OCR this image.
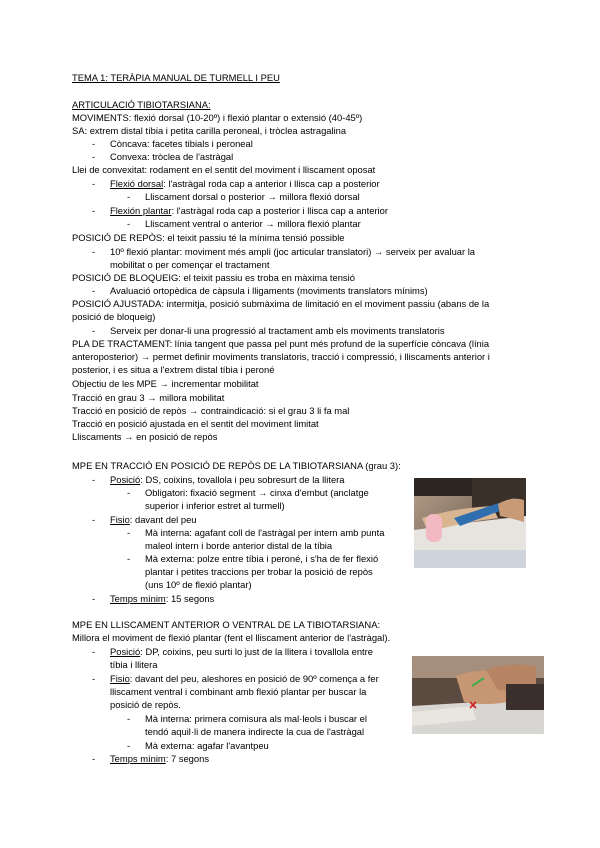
TEMA 1: TERÀPIA MANUAL DE TURMELL I PEU
ARTICULACIÓ TIBIOTARSIANA:
MOVIMENTS: flexió dorsal (10-20º) i flexió plantar o extensió (40-45º)
SA: extrem distal tíbia i petita carilla peroneal, i tròclea astragalina
- Còncava: facetes tibials i peroneal
- Convexa: tròclea de l'astràgal
Llei de convexitat: rodament en el sentit del moviment i lliscament oposat
- Flexió dorsal: l'astràgal roda cap a anterior i llisca cap a posterior
- Lliscament dorsal o posterior → millora flexió dorsal
- Flexión plantar: l'astràgal roda cap a posterior i llisca cap a anterior
- Lliscament ventral o anterior → millora flexió plantar
POSICIÓ DE REPÒS: el teixit passiu té la mínima tensió possible
- 10º flexió plantar: moviment més ampli (joc articular translatori) → serveix per avaluar la
mobilitat o per començar el tractament
POSICIÓ DE BLOQUEIG: el teixit passiu es troba en màxima tensió
- Avaluació ortopèdica de càpsula i lligaments (moviments translators mínims)
POSICIÓ AJUSTADA: intermitja, posició submàxima de limitació en el moviment passiu (abans de la
posició de bloqueig)
- Serveix per donar-li una progressió al tractament amb els moviments translatoris
PLA DE TRACTAMENT: línia tangent que passa pel punt més profund de la superfície còncava (línia
anteroposterior) → permet definir moviments translatoris, tracció i compressió, i lliscaments anterior i
posterior, i es situa a l'extrem distal tíbia i peroné
Objectiu de les MPE → incrementar mobilitat
Tracció en grau 3 → millora mobilitat
Tracció en posició de repòs → contraindicació: si el grau 3 li fa mal
Tracció en posició ajustada en el sentit del moviment limitat
Lliscaments → en posició de repòs
MPE EN TRACCIÓ EN POSICIÓ DE REPÒS DE LA TIBIOTARSIANA (grau 3):
- Posició: DS, coixins, tovallola i peu sobresurt de la llitera
- Obligatori: fixació segment → cinxa d'embut (anclatge
superior i inferior estret al turmell)
- Fisio: davant del peu
- Mà interna: agafant coll de l'astràgal per intern amb punta
maleol intern i borde anterior distal de la tíbia
- Mà externa: polze entre tíbia i peroné, i s'ha de fer flexió
plantar i petites traccions per trobar la posició de repòs
(uns 10º de flexió plantar)
- Temps mínim: 15 segons
MPE EN LLISCAMENT ANTERIOR O VENTRAL DE LA TIBIOTARSIANA:
Millora el moviment de flexió plantar (fent el lliscament anterior de l'astràgal).
- Posició: DP, coixins, peu surti lo just de la llitera i tovallola entre
tíbia i llitera
- Fisio: davant del peu, aleshores en posició de 90º comença a fer
lliscament ventral i combinant amb flexió plantar per buscar la
posició de repòs.
- Mà interna: primera comisura als mal·leols i buscar el
tendó aquil·li de manera indirecte la cua de l'astràgal
- Mà externa: agafar l'avantpeu
- Temps mínim: 7 segons
